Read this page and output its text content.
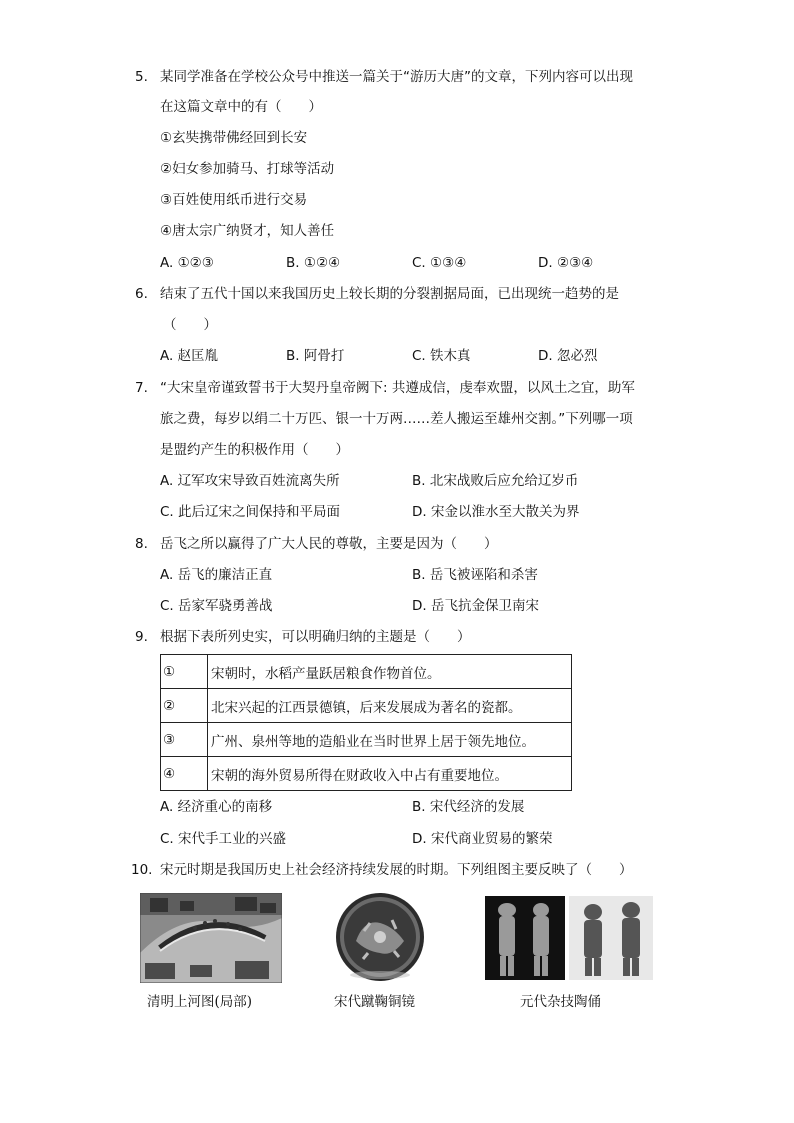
5. 某同学准备在学校公众号中推送一篇关于“游历大唐”的文章，下列内容可以出现
在这篇文章中的有（　　）
①玄奘携带佛经回到长安
②妇女参加骑马、打球等活动
③百姓使用纸币进行交易
④唐太宗广纳贤才，知人善任
A. ①②③	B. ①②④	C. ①③④	D. ②③④
6. 结束了五代十国以来我国历史上较长期的分裂割据局面，已出现统一趋势的是
（　　）
A. 赵匡胤	B. 阿骨打	C. 铁木真	D. 忽必烈
7. “大宋皇帝谨致誓书于大契丹皇帝阙下: 共遵成信，虔奉欢盟，以风土之宜，助军
旅之费，每岁以绢二十万匹、银一十万两……差人搬运至雄州交割。”下列哪一项
是盟约产生的积极作用（　　）
A. 辽军攻宋导致百姓流离失所	B. 北宋战败后应允给辽岁币
C. 此后辽宋之间保持和平局面	D. 宋金以淮水至大散关为界
8. 岳飞之所以赢得了广大人民的尊敬，主要是因为（　　）
A. 岳飞的廉洁正直	B. 岳飞被诬陷和杀害
C. 岳家军骁勇善战	D. 岳飞抗金保卫南宋
9. 根据下表所列史实，可以明确归纳的主题是（　　）
①	宋朝时，水稻产量跃居粮食作物首位。
②	北宋兴起的江西景德镇，后来发展成为著名的瓷都。
③	广州、泉州等地的造船业在当时世界上居于领先地位。
④	宋朝的海外贸易所得在财政收入中占有重要地位。
A. 经济重心的南移	B. 宋代经济的发展
C. 宋代手工业的兴盛	D. 宋代商业贸易的繁荣
10. 宋元时期是我国历史上社会经济持续发展的时期。下列组图主要反映了（　　）
清明上河图(局部)	宋代蹴鞠铜镜	元代杂技陶俑
